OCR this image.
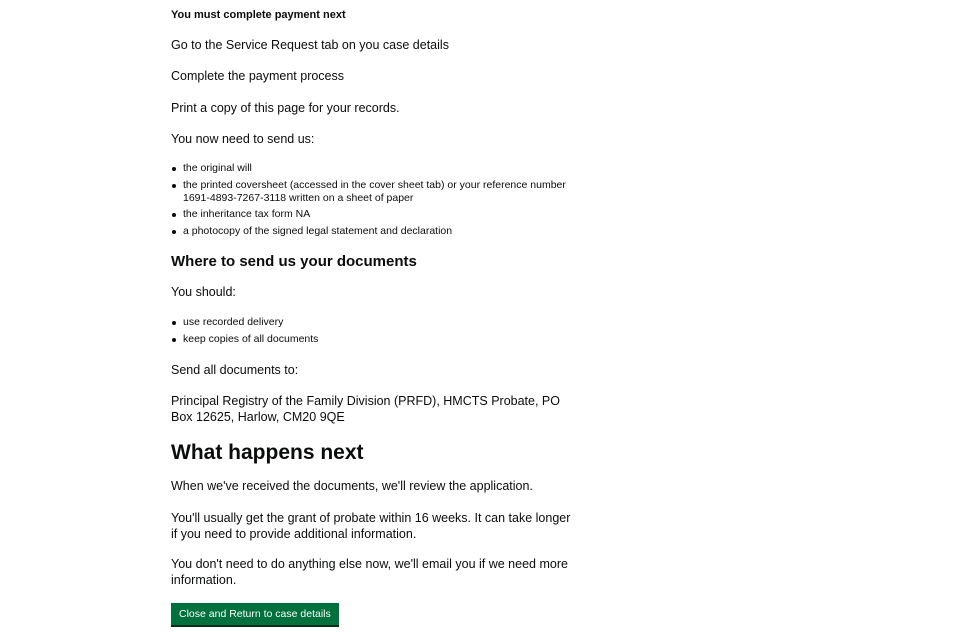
You must complete payment next

Go to the Service Request tab on you case details

Complete the payment process

Print a copy of this page for your records.

You now need to send us:

the original will
the printed coversheet (accessed in the cover sheet tab) or your reference number 1691-4893-7267-3118 written on a sheet of paper
the inheritance tax form NA
a photocopy of the signed legal statement and declaration
Where to send us your documents

You should:

use recorded delivery
keep copies of all documents

Send all documents to:

Principal Registry of the Family Division (PRFD), HMCTS Probate, PO Box 12625, Harlow, CM20 9QE

What happens next

When we've received the documents, we'll review the application.

You'll usually get the grant of probate within 16 weeks. It can take longer if you need to provide additional information.

You don't need to do anything else now, we'll email you if we need more information.

Close and Return to case details
